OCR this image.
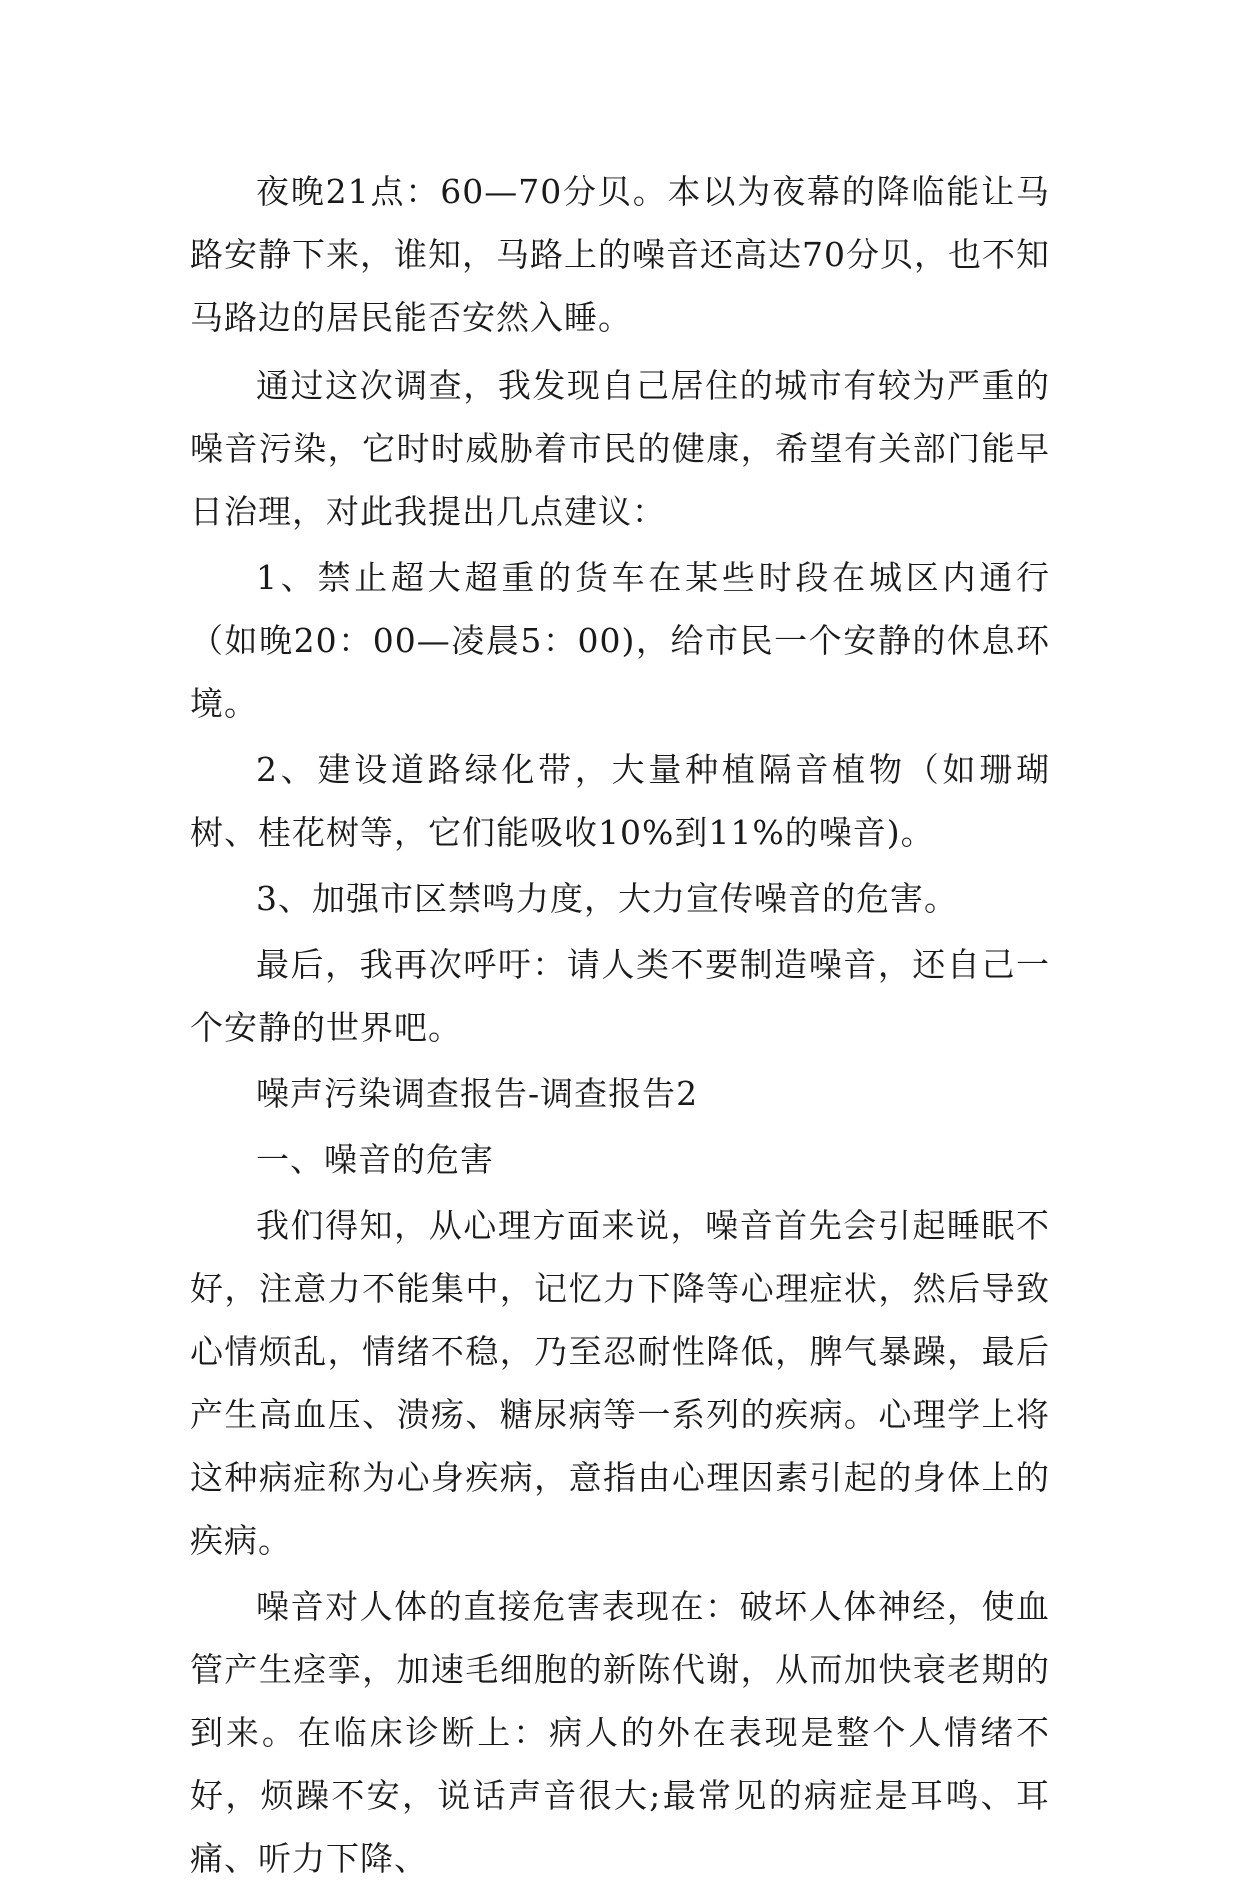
夜晚21点：60—70分贝。本以为夜幕的降临能让马路安静下来，谁知，马路上的噪音还高达70分贝，也不知马路边的居民能否安然入睡。

通过这次调查，我发现自己居住的城市有较为严重的噪音污染，它时时威胁着市民的健康，希望有关部门能早日治理，对此我提出几点建议：

1、禁止超大超重的货车在某些时段在城区内通行（如晚20：00—凌晨5：00)，给市民一个安静的休息环境。

2、建设道路绿化带，大量种植隔音植物（如珊瑚树、桂花树等，它们能吸收10%到11%的噪音)。

3、加强市区禁鸣力度，大力宣传噪音的危害。

最后，我再次呼吁：请人类不要制造噪音，还自己一个安静的世界吧。

噪声污染调查报告-调查报告2

一、噪音的危害

我们得知，从心理方面来说，噪音首先会引起睡眠不好，注意力不能集中，记忆力下降等心理症状，然后导致心情烦乱，情绪不稳，乃至忍耐性降低，脾气暴躁，最后产生高血压、溃疡、糖尿病等一系列的疾病。心理学上将这种病症称为心身疾病，意指由心理因素引起的身体上的疾病。

噪音对人体的直接危害表现在：破坏人体神经，使血管产生痉挛，加速毛细胞的新陈代谢，从而加快衰老期的到来。在临床诊断上：病人的外在表现是整个人情绪不好，烦躁不安，说话声音很大;最常见的病症是耳鸣、耳痛、听力下降、
